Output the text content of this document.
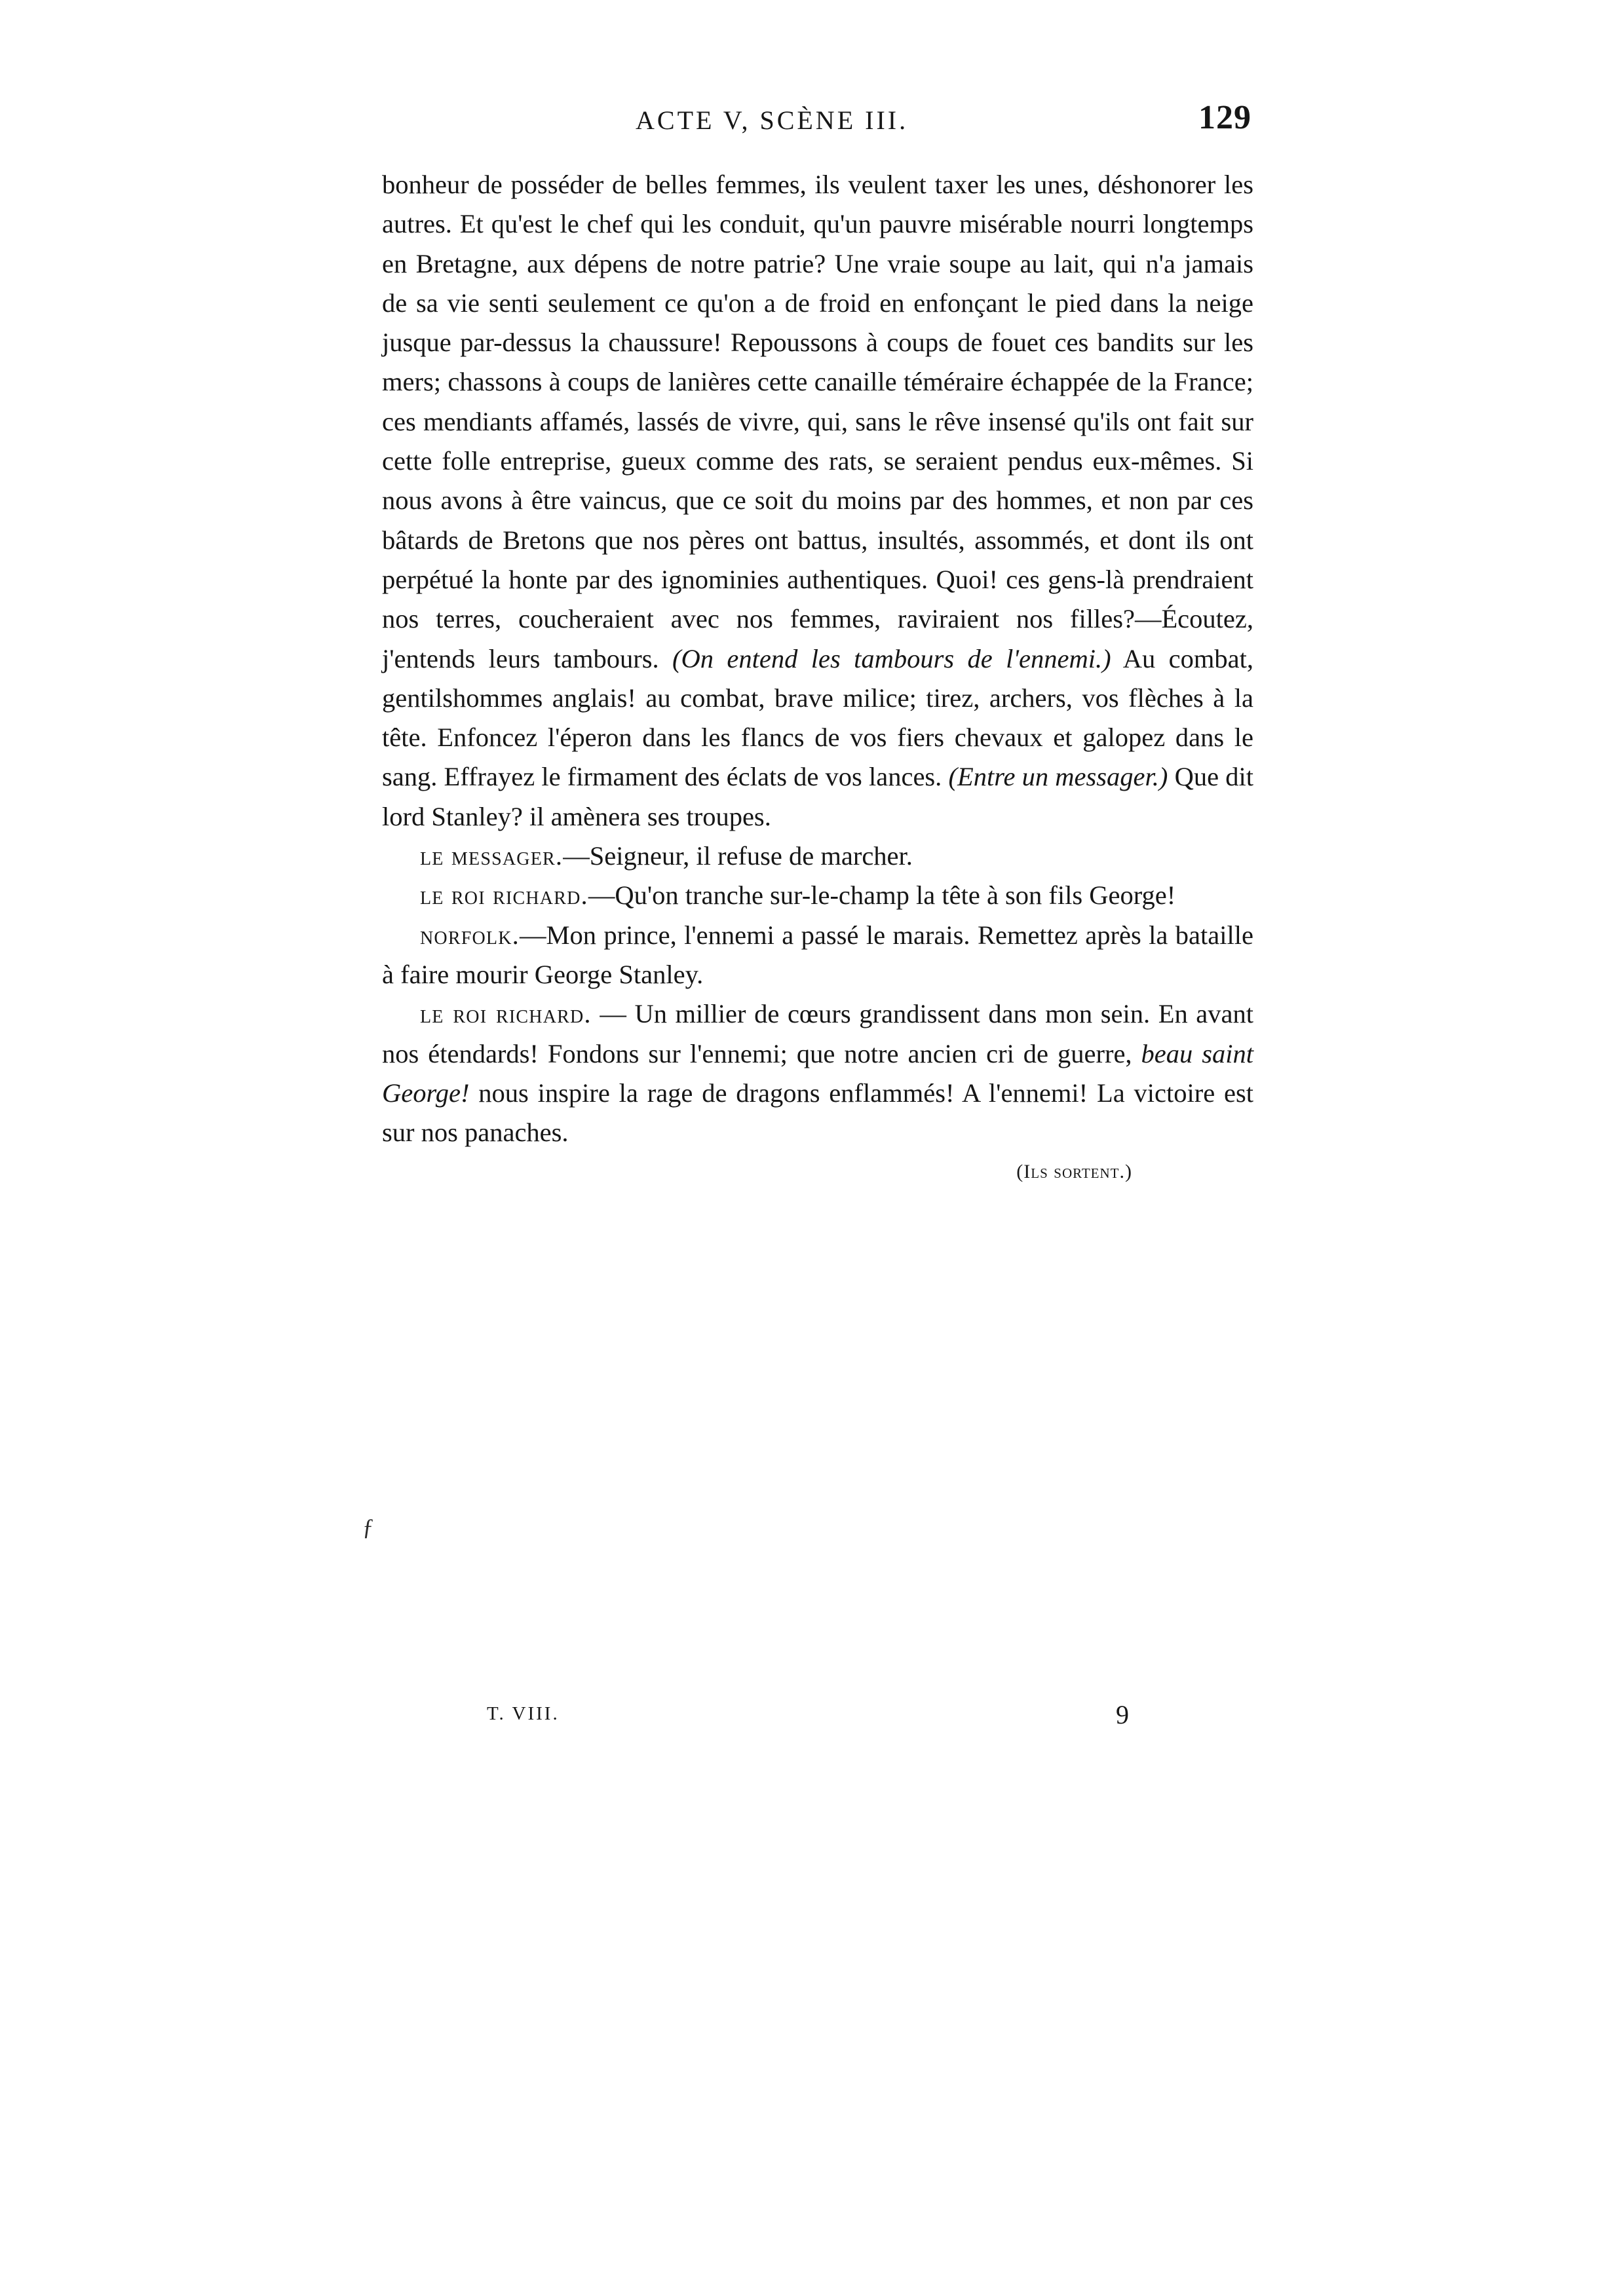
ACTE V, SCÈNE III.	129

bonheur de posséder de belles femmes, ils veulent taxer les unes, déshonorer les autres. Et qu'est le chef qui les conduit, qu'un pauvre misérable nourri longtemps en Bretagne, aux dépens de notre patrie? Une vraie soupe au lait, qui n'a jamais de sa vie senti seulement ce qu'on a de froid en enfonçant le pied dans la neige jusque par-dessus la chaussure! Repoussons à coups de fouet ces bandits sur les mers; chassons à coups de lanières cette canaille téméraire échappée de la France; ces mendiants affamés, lassés de vivre, qui, sans le rêve insensé qu'ils ont fait sur cette folle entreprise, gueux comme des rats, se seraient pendus eux-mêmes. Si nous avons à être vaincus, que ce soit du moins par des hommes, et non par ces bâtards de Bretons que nos pères ont battus, insultés, assommés, et dont ils ont perpétué la honte par des ignominies authentiques. Quoi! ces gens-là prendraient nos terres, coucheraient avec nos femmes, raviraient nos filles?—Écoutez, j'entends leurs tambours. (On entend les tambours de l'ennemi.) Au combat, gentilshommes anglais! au combat, brave milice; tirez, archers, vos flèches à la tête. Enfoncez l'éperon dans les flancs de vos fiers chevaux et galopez dans le sang. Effrayez le firmament des éclats de vos lances. (Entre un messager.) Que dit lord Stanley? il amènera ses troupes.

le messager.—Seigneur, il refuse de marcher.

le roi richard.—Qu'on tranche sur-le-champ la tête à son fils George!

norfolk.—Mon prince, l'ennemi a passé le marais. Remettez après la bataille à faire mourir George Stanley.

le roi richard. — Un millier de cœurs grandissent dans mon sein. En avant nos étendards! Fondons sur l'ennemi; que notre ancien cri de guerre, beau saint George! nous inspire la rage de dragons enflammés! A l'ennemi! La victoire est sur nos panaches.

(Ils sortent.)

ƒ
T. VIII.	9
